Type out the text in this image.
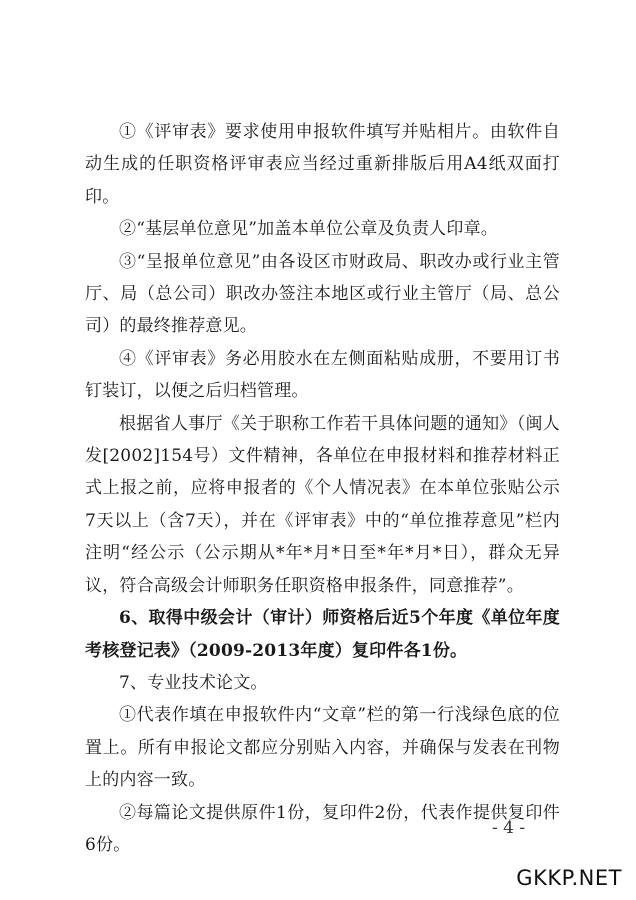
①《评审表》要求使用申报软件填写并贴相片。由软件自动生成的任职资格评审表应当经过重新排版后用A4纸双面打印。

②“基层单位意见”加盖本单位公章及负责人印章。

③“呈报单位意见”由各设区市财政局、职改办或行业主管厅、局（总公司）职改办签注本地区或行业主管厅（局、总公司）的最终推荐意见。

④《评审表》务必用胶水在左侧面粘贴成册，不要用订书钉装订，以便之后归档管理。

根据省人事厅《关于职称工作若干具体问题的通知》（闽人发[2002]154号）文件精神，各单位在申报材料和推荐材料正式上报之前，应将申报者的《个人情况表》在本单位张贴公示7天以上（含7天），并在《评审表》中的“单位推荐意见”栏内注明“经公示（公示期从*年*月*日至*年*月*日），群众无异议，符合高级会计师职务任职资格申报条件，同意推荐”。

6、取得中级会计（审计）师资格后近5个年度《单位年度考核登记表》（2009-2013年度）复印件各1份。

7、专业技术论文。

①代表作填在申报软件内“文章”栏的第一行浅绿色底的位置上。所有申报论文都应分别贴入内容，并确保与发表在刊物上的内容一致。

②每篇论文提供原件1份，复印件2份，代表作提供复印件6份。

- 4 -
GKKP.NET
